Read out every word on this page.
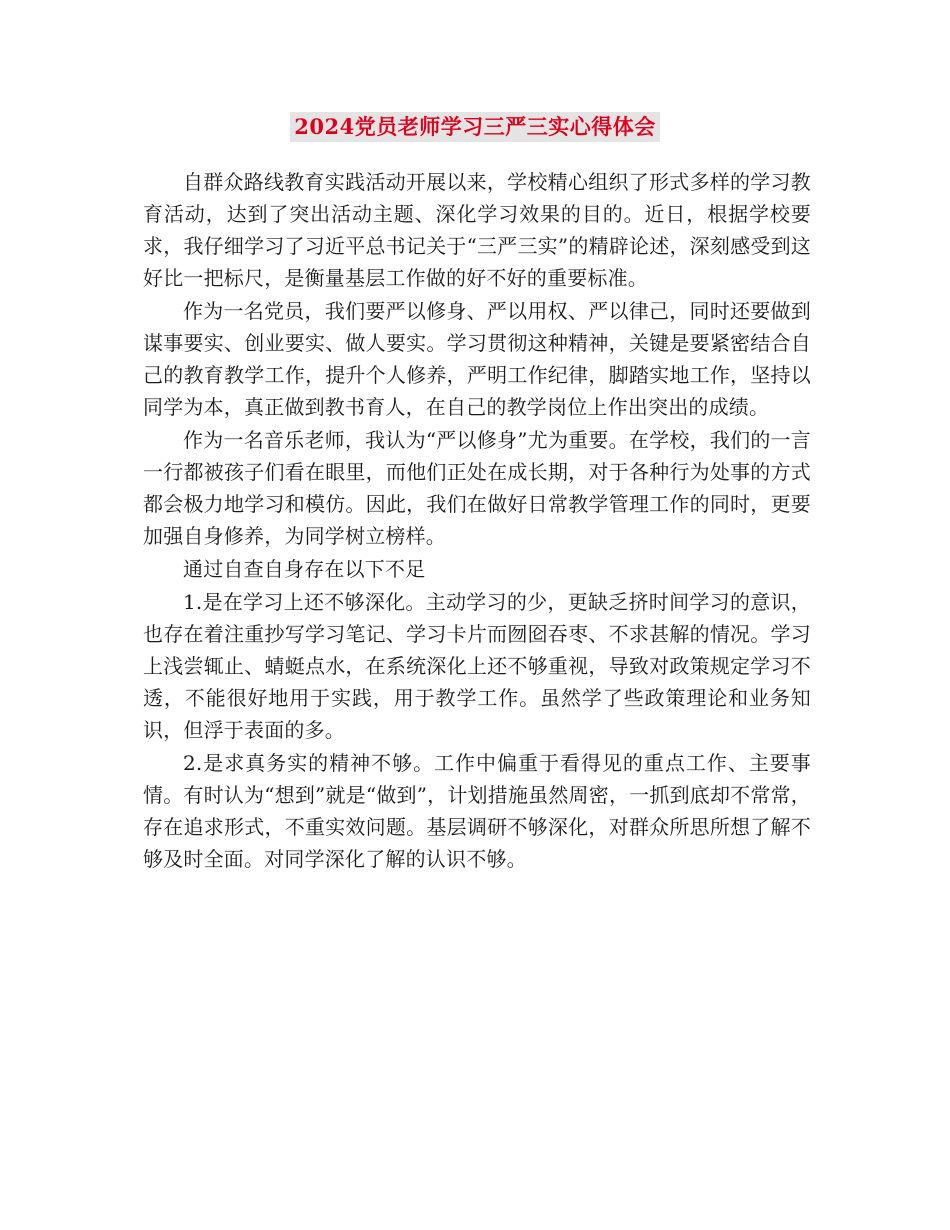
2024党员老师学习三严三实心得体会

自群众路线教育实践活动开展以来，学校精心组织了形式多样的学习教育活动，达到了突出活动主题、深化学习效果的目的。近日，根据学校要求，我仔细学习了习近平总书记关于“三严三实”的精辟论述，深刻感受到这好比一把标尺，是衡量基层工作做的好不好的重要标准。

作为一名党员，我们要严以修身、严以用权、严以律己，同时还要做到谋事要实、创业要实、做人要实。学习贯彻这种精神，关键是要紧密结合自己的教育教学工作，提升个人修养，严明工作纪律，脚踏实地工作，坚持以同学为本，真正做到教书育人，在自己的教学岗位上作出突出的成绩。

作为一名音乐老师，我认为“严以修身”尤为重要。在学校，我们的一言一行都被孩子们看在眼里，而他们正处在成长期，对于各种行为处事的方式都会极力地学习和模仿。因此，我们在做好日常教学管理工作的同时，更要加强自身修养，为同学树立榜样。

通过自查自身存在以下不足

1.是在学习上还不够深化。主动学习的少，更缺乏挤时间学习的意识，也存在着注重抄写学习笔记、学习卡片而囫囵吞枣、不求甚解的情况。学习上浅尝辄止、蜻蜓点水，在系统深化上还不够重视，导致对政策规定学习不透，不能很好地用于实践，用于教学工作。虽然学了些政策理论和业务知识，但浮于表面的多。

2.是求真务实的精神不够。工作中偏重于看得见的重点工作、主要事情。有时认为“想到”就是“做到”，计划措施虽然周密，一抓到底却不常常，存在追求形式，不重实效问题。基层调研不够深化，对群众所思所想了解不够及时全面。对同学深化了解的认识不够。
